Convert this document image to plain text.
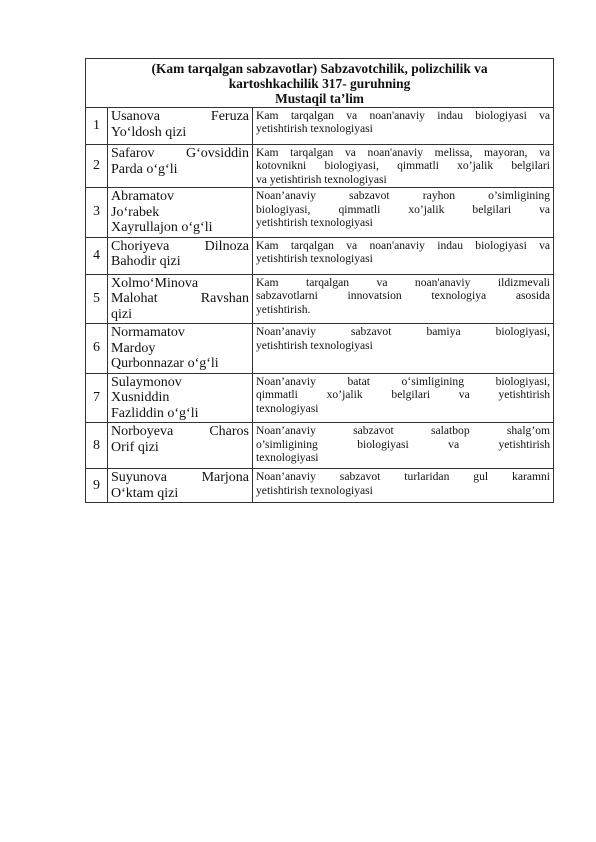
(Kam tarqalgan sabzavotlar) Sabzavotchilik, polizchilik va
kartoshkachilik 317- guruhning
Mustaqil ta’lim		

1	Usanova Feruza
Yo‘ldosh qizi	Kam tarqalgan va noan'anaviy indau biologiyasi va
yetishtirish texnologiyasi

2	Safarov G‘ovsiddin
Parda o‘g‘li	Kam tarqalgan va noan'anaviy melissa, mayoran, va
kotovnikni biologiyasi, qimmatli xo’jalik belgilari
va yetishtirish texnologiyasi

3	Abramatov
Jo‘rabek
Xayrullajon o‘g‘li	Noan’anaviy sabzavot rayhon o’simligining
biologiyasi, qimmatli xo’jalik belgilari va
yetishtirish texnologiyasi

4	Choriyeva Dilnoza
Bahodir qizi	Kam tarqalgan va noan'anaviy indau biologiyasi va
yetishtirish texnologiyasi

5	Xolmo‘Minova
Malohat Ravshan
qizi	Kam tarqalgan va noan'anaviy ildizmevali
sabzavotlarni innovatsion texnologiya asosida
yetishtirish.

6	Normamatov
Mardoy
Qurbonnazar o‘g‘li	Noan’anaviy sabzavot bamiya biologiyasi,
yetishtirish texnologiyasi

7	Sulaymonov
Xusniddin
Fazliddin o‘g‘li	Noan’anaviy batat o‘simligining biologiyasi,
qimmatli xo’jalik belgilari va yetishtirish
texnologiyasi

8	Norboyeva Charos
Orif qizi	Noan’anaviy sabzavot salatbop shalg’om
o’simligining biologiyasi va yetishtirish
texnologiyasi

9	Suyunova Marjona
O‘ktam qizi	Noan’anaviy sabzavot turlaridan gul karamni
yetishtirish texnologiyasi
